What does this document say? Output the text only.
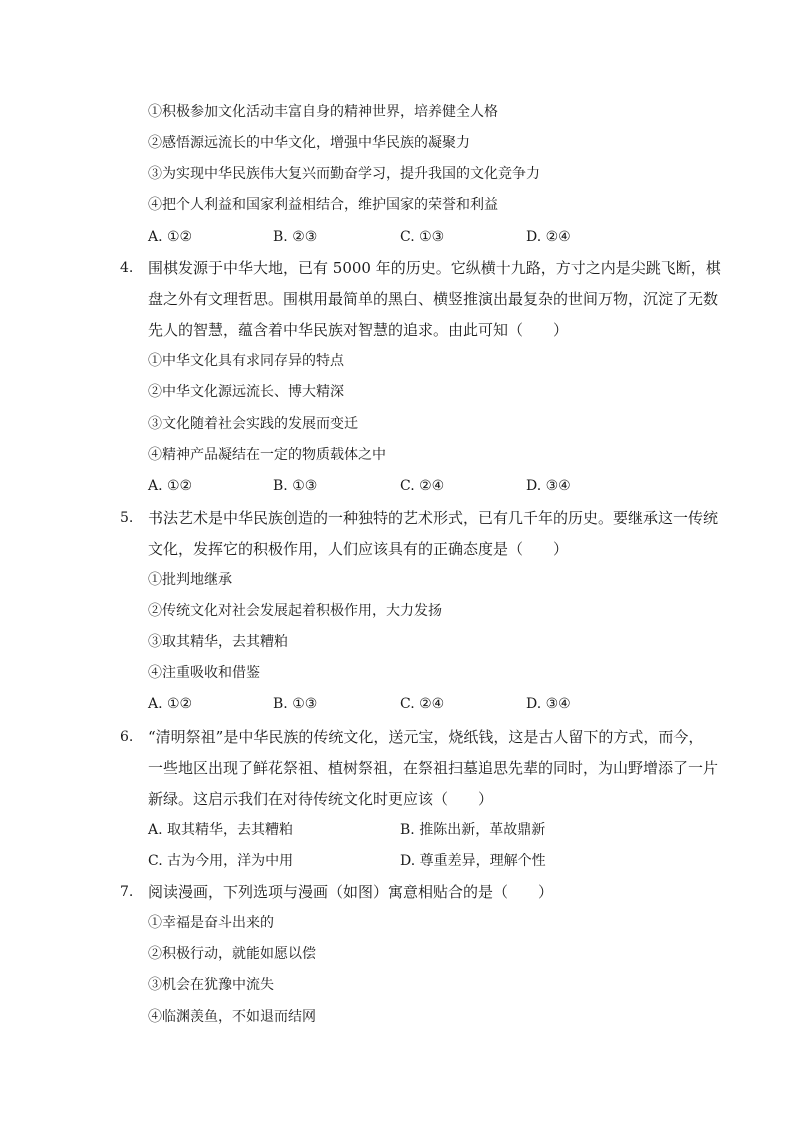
①积极参加文化活动丰富自身的精神世界，培养健全人格
②感悟源远流长的中华文化，增强中华民族的凝聚力
③为实现中华民族伟大复兴而勤奋学习，提升我国的文化竞争力
④把个人利益和国家利益相结合，维护国家的荣誉和利益
A. ①②	B. ②③	C. ①③	D. ②④
4. 围棋发源于中华大地，已有 5000 年的历史。它纵横十九路，方寸之内是尖跳飞断，棋
盘之外有文理哲思。围棋用最简单的黑白、横竖推演出最复杂的世间万物，沉淀了无数
先人的智慧，蕴含着中华民族对智慧的追求。由此可知（　　）
①中华文化具有求同存异的特点
②中华文化源远流长、博大精深
③文化随着社会实践的发展而变迁
④精神产品凝结在一定的物质载体之中
A. ①②	B. ①③	C. ②④	D. ③④
5. 书法艺术是中华民族创造的一种独特的艺术形式，已有几千年的历史。要继承这一传统
文化，发挥它的积极作用，人们应该具有的正确态度是（　　）
①批判地继承
②传统文化对社会发展起着积极作用，大力发扬
③取其精华，去其糟粕
④注重吸收和借鉴
A. ①②	B. ①③	C. ②④	D. ③④
6. “清明祭祖”是中华民族的传统文化，送元宝，烧纸钱，这是古人留下的方式，而今，
一些地区出现了鲜花祭祖、植树祭祖，在祭祖扫墓追思先辈的同时，为山野增添了一片
新绿。这启示我们在对待传统文化时更应该（　　）
A. 取其精华，去其糟粕	B. 推陈出新，革故鼎新
C. 古为今用，洋为中用	D. 尊重差异，理解个性
7. 阅读漫画，下列选项与漫画（如图）寓意相贴合的是（　　）
①幸福是奋斗出来的
②积极行动，就能如愿以偿
③机会在犹豫中流失
④临渊羡鱼，不如退而结网
